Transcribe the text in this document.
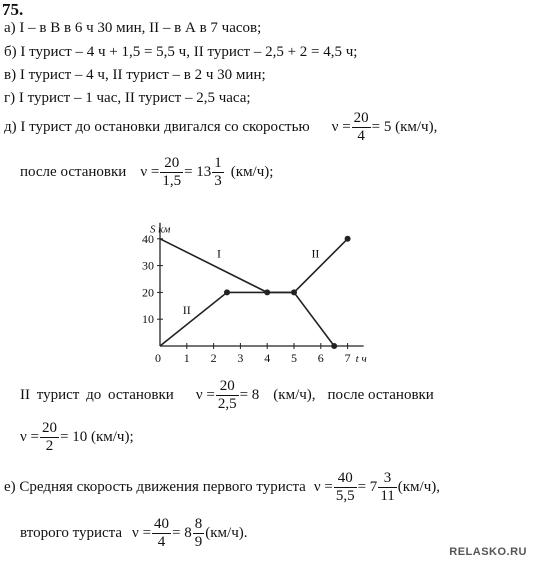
75.
а) I – в В в 6 ч 30 мин, II – в А в 7 часов;
б) I турист – 4 ч + 1,5 = 5,5 ч, II турист – 2,5 + 2 = 4,5 ч;
в) I турист – 4 ч, II турист – в 2 ч 30 мин;
г) I турист – 1 час, II турист – 2,5 часа;
д) I турист до остановки двигался со скоростью $\nu = \frac{20}{4} = 5$ (км/ч),
после остановки $\nu = \frac{20}{1,5} = 13 \frac{1}{3} (км/ч)$;
10
20
30
40
0 1 2 3 4 5 6 7
S км
t ч
I
II
II
II турист до остановки $\nu = \frac{20}{2,5} = 8$ (км/ч), после остановки
$\nu = \frac{20}{2} = 10$ (км/ч);
е) Средняя скорость движения первого туриста $\nu = \frac{40}{5,5} = 7 \frac{3}{11} (км/ч)$,
второго туриста $\nu = \frac{40}{4} = 8 \frac{8}{9} (км/ч)$.
RELASKO.RU
